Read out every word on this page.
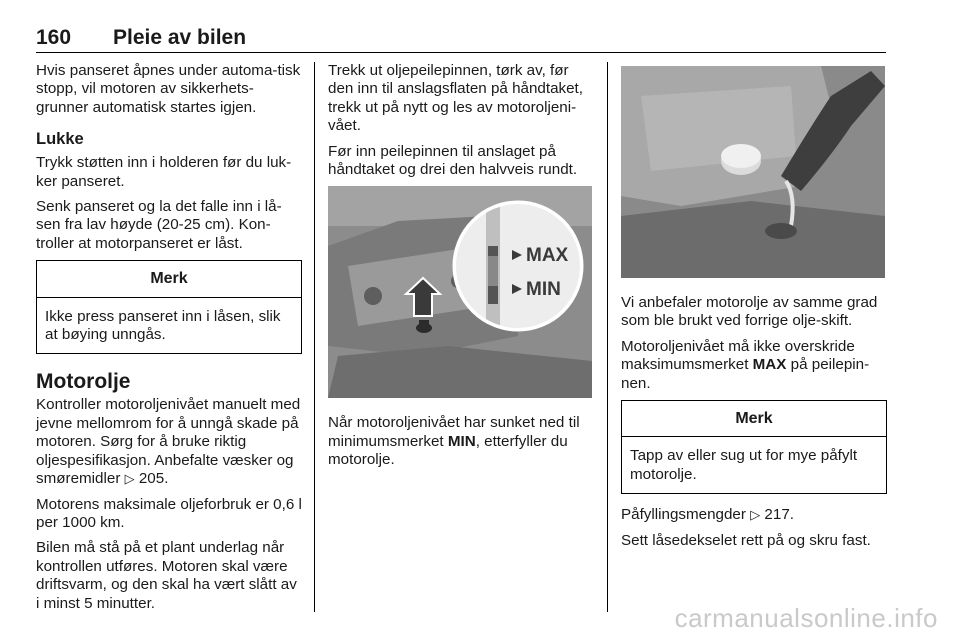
160 Pleie av bilen

Hvis panseret åpnes under automa-tisk stopp, vil motoren av sikkerhets-grunner automatisk startes igjen.

Lukke

Trykk støtten inn i holderen før du luk-ker panseret.

Senk panseret og la det falle inn i lå-sen fra lav høyde (20-25 cm). Kon-troller at motorpanseret er låst.

Merk
Ikke press panseret inn i låsen, slik at bøying unngås.
Motorolje

Kontroller motoroljenivået manuelt med jevne mellomrom for å unngå skade på motoren. Sørg for å bruke riktig oljespesifikasjon. Anbefalte væsker og smøremidler ▷ 205.

Motorens maksimale oljeforbruk er 0,6 l per 1000 km.

Bilen må stå på et plant underlag når kontrollen utføres. Motoren skal være driftsvarm, og den skal ha vært slått av i minst 5 minutter.

Trekk ut oljepeilepinnen, tørk av, før den inn til anslagsflaten på håndtaket, trekk ut på nytt og les av motoroljeni-vået.

Før inn peilepinnen til anslaget på håndtaket og drei den halvveis rundt.

MAX
MIN

Når motoroljenivået har sunket ned til minimumsmerket MIN, etterfyller du motorolje.

Vi anbefaler motorolje av samme grad som ble brukt ved forrige olje-skift.

Motoroljenivået må ikke overskride maksimumsmerket MAX på peilepin-nen.

Merk
Tapp av eller sug ut for mye påfylt motorolje.

Påfyllingsmengder ▷ 217.

Sett låsedekselet rett på og skru fast.

carmanualsonline.info
